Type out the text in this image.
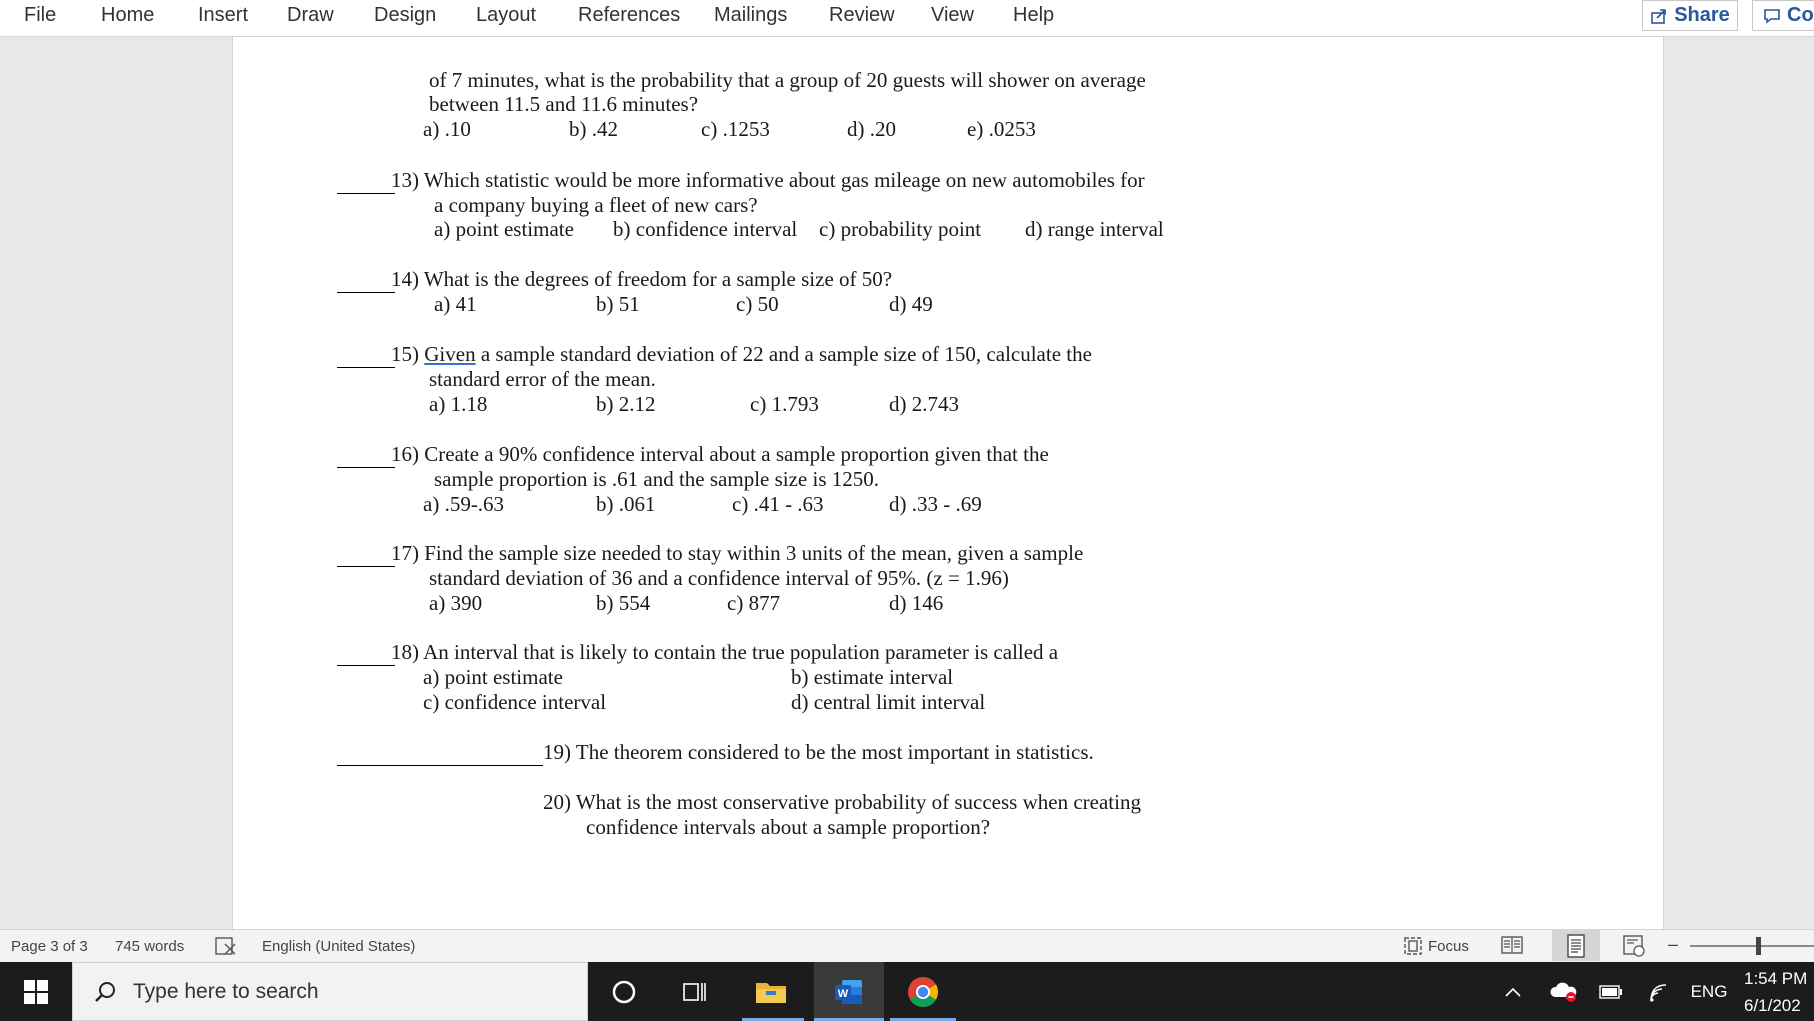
File Home Insert Draw Design Layout References Mailings Review View Help	Share	Co
of 7 minutes, what is the probability that a group of 20 guests will shower on average
between 11.5 and 11.6 minutes?
a) .10	b) .42	c) .1253	d) .20	e) .0253
13) Which statistic would be more informative about gas mileage on new automobiles for
a company buying a fleet of new cars?
a) point estimate b) confidence interval c) probability point d) range interval
14) What is the degrees of freedom for a sample size of 50?
a) 41	b) 51	c) 50	d) 49
15) Given a sample standard deviation of 22 and a sample size of 150, calculate the
standard error of the mean.
a) 1.18	b) 2.12	c) 1.793	d) 2.743
16) Create a 90% confidence interval about a sample proportion given that the
sample proportion is .61 and the sample size is 1250.
a) .59-.63	b) .061	c) .41 - .63	d) .33 - .69
17) Find the sample size needed to stay within 3 units of the mean, given a sample
standard deviation of 36 and a confidence interval of 95%. (z = 1.96)
a) 390	b) 554	c) 877	d) 146
18) An interval that is likely to contain the true population parameter is called a
a) point estimate	b) estimate interval
c) confidence interval	d) central limit interval
19) The theorem considered to be the most important in statistics.
20) What is the most conservative probability of success when creating
confidence intervals about a sample proportion?
Page 3 of 3 745 words	English (United States)	Focus	–
Type here to search	W	ENG
1:54 PM
6/1/202
